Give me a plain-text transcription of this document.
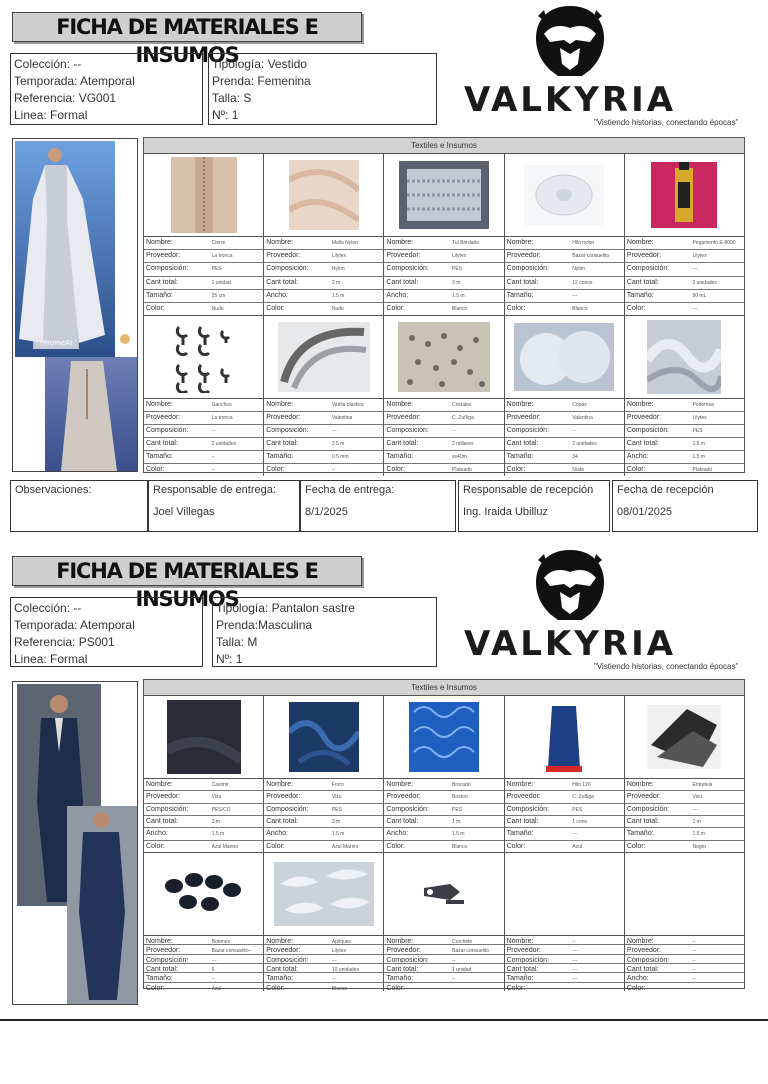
FICHA DE MATERIALES E INSUMOS
Colección: --
Temporada: Atemporal
Referencia: VG001
Linea: Formal
Tipología: Vestido
Prenda: Femenina
Talla: S
Nº: 1	VALKYRIA
"Vistiendo historias, conectando épocas"
PromeAI
Textiles e Insumos
Nombre:	Cierre
Proveedor:	La tronca
Composición:	PES
Cant total:	1 unidad
Tamaño:	25 cm
Color:	Nude
Nombre:	Malla Nylon
Proveedor:	Lilytex
Composición:	Nylon
Cant total:	2 m
Ancho:	1.5 m
Color:	Nude
Nombre:	Tul Bordado
Proveedor:	Lilytex
Composición:	PES
Cant total:	3 m
Ancho:	1.5 m
Color:	Blanco
Nombre:	Hilo nylon
Proveedor:	Bazar consuelito
Composición:	Nylon
Cant total:	12 conos
Tamaño:	---
Color:	Blanco
Nombre:	Pegamento E-8000
Proveedor:	Lilytex
Composición:	---
Cant total:	2 unidades
Tamaño:	50 mL
Color:	---
Nombre:	Ganchos
Proveedor:	La tronca
Composición:	--
Cant total:	2 unidades
Tamaño:	--
Color:	--
Nombre:	Varilla plastica
Proveedor:	Valentina
Composición:	---
Cant total:	2.5 m
Tamaño:	0.5 mm
Color:	--
Nombre:	Cristales
Proveedor:	C. Zuñiga
Composición:	--
Cant total:	2 millares
Tamaño:	ss40m
Color:	Plateado
Nombre:	Copas
Proveedor:	Valentina
Composición:	--
Cant total:	2 unidades
Tamaño:	34
Color:	Nude
Nombre:	Poderosa
Proveedor:	Lilytex
Composición:	PES
Cant total:	1.5 m
Ancho:	1.5 m
Color:	Plateado
Observaciones:	Responsable de entrega:
Joel Villegas
Fecha de entrega:
8/1/2025
Responsable de recepción
Ing. Iraida Ubilluz
Fecha de recepción
08/01/2025
FICHA DE MATERIALES E INSUMOS
Colección: --
Temporada: Atemporal
Referencia: PS001
Linea: Formal
Tipología: Pantalon sastre
Prenda:Masculina
Talla: M
Nº: 1	VALKYRIA
"Vistiendo historias, conectando épocas"
Textiles e Insumos
Nombre:	Casimir
Proveedor:	Vizu
Composición:	PES/CO
Cant total:	3 m
Ancho:	1.5 m
Color:	Azul Marino
Nombre:	Forro
Proveedor:	Vizu
Composición:	PES
Cant total:	3 m
Ancho:	1.5 m
Color:	Azul Marino
Nombre:	Brocado
Proveedor:	Boston
Composición:	PES
Cant total:	1 m
Ancho:	1.5 m
Color:	Blanco
Nombre:	Hilo 120
Proveedor:	C. Zuñiga
Composición:	PES
Cant total:	1 cono
Tamaño:	---
Color:	Azul
Nombre:	Entretela
Proveedor:	Vizu
Composición:	---
Cant total:	1 m
Tamaño:	1.5 m
Color:	Negro
Nombre:	Botones
Proveedor:	Bazar consuelito--
Composición:	---
Cant total:	6
Tamaño:	--
Color:	Azul
Nombre:	Apliques
Proveedor:	Lilytex
Composición:	---
Cant total:	10 unidades
Tamaño:	---
Color:	Blanco
Nombre:	Corchete
Proveedor:	Bazar consuelito
Composición:	--
Cant total:	1 unidad
Tamaño:	--
Color:	--
Nombre:	--
Proveedor:	---
Composición:	---
Cant total:	---
Tamaño:	---
Color:	---
Nombre:	--
Proveedor:	--
Composición:	--
Cant total:	--
Ancho:	--
Color:	--
